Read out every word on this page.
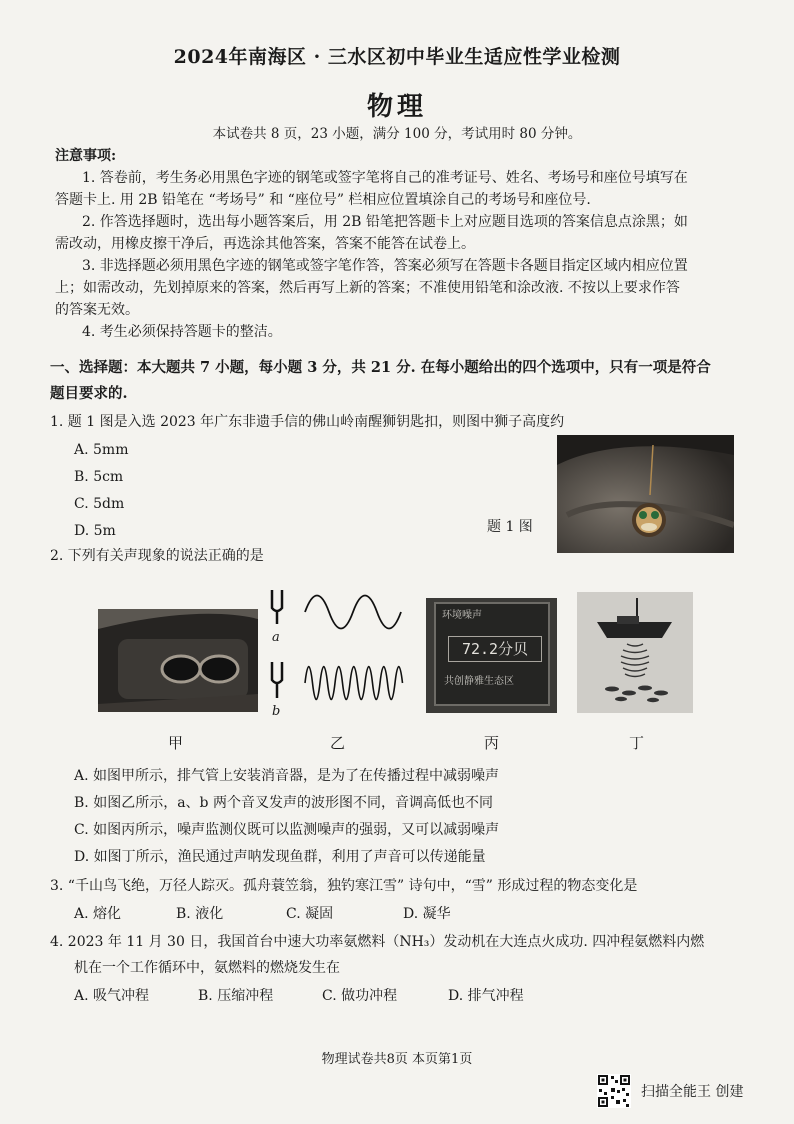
2024年南海区 · 三水区初中毕业生适应性学业检测
物理
本试卷共 8 页，23 小题，满分 100 分，考试用时 80 分钟。
注意事项:
1. 答卷前，考生务必用黑色字迹的钢笔或签字笔将自己的准考证号、姓名、考场号和座位号填写在
答题卡上. 用 2B 铅笔在 “考场号” 和 “座位号” 栏相应位置填涂自己的考场号和座位号.
2. 作答选择题时，选出每小题答案后，用 2B 铅笔把答题卡上对应题目选项的答案信息点涂黑；如
需改动，用橡皮擦干净后，再选涂其他答案，答案不能答在试卷上。
3. 非选择题必须用黑色字迹的钢笔或签字笔作答，答案必须写在答题卡各题目指定区域内相应位置
上；如需改动，先划掉原来的答案，然后再写上新的答案；不准使用铅笔和涂改液. 不按以上要求作答
的答案无效。
4. 考生必须保持答题卡的整洁。
一、选择题：本大题共 7 小题，每小题 3 分，共 21 分. 在每小题给出的四个选项中，只有一项是符合
题目要求的.
1. 题 1 图是入选 2023 年广东非遗手信的佛山岭南醒狮钥匙扣，则图中狮子高度约
A. 5mm
B. 5cm
C. 5dm
D. 5m	题 1 图
2. 下列有关声现象的说法正确的是
a
b
环境噪声
72.2分贝
共创静雅生态区
甲	乙	丙	丁
A. 如图甲所示，排气管上安装消音器，是为了在传播过程中减弱噪声
B. 如图乙所示，a、b 两个音叉发声的波形图不同，音调高低也不同
C. 如图丙所示，噪声监测仪既可以监测噪声的强弱，又可以减弱噪声
D. 如图丁所示，渔民通过声呐发现鱼群，利用了声音可以传递能量
3. “千山鸟飞绝，万径人踪灭。孤舟蓑笠翁，独钓寒江雪” 诗句中，“雪” 形成过程的物态变化是
A. 熔化	B. 液化	C. 凝固	D. 凝华
4. 2023 年 11 月 30 日，我国首台中速大功率氨燃料（NH₃）发动机在大连点火成功. 四冲程氨燃料内燃
机在一个工作循环中，氨燃料的燃烧发生在
A. 吸气冲程	B. 压缩冲程	C. 做功冲程	D. 排气冲程
物理试卷共8页 本页第1页
扫描全能王 创建
